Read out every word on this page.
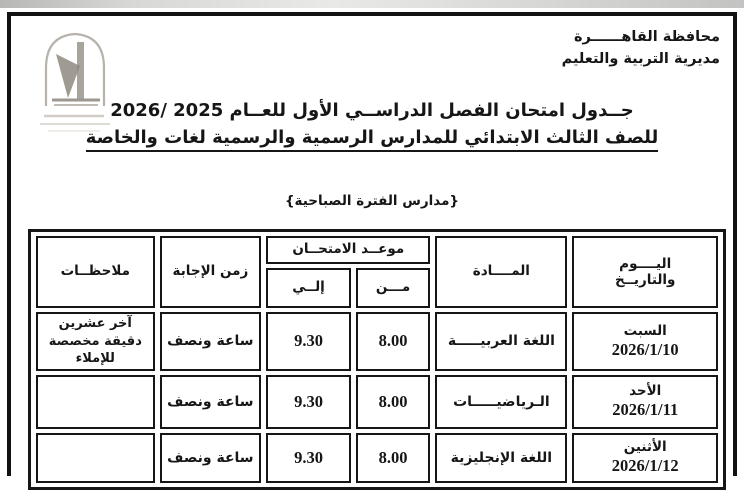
محافظة القاهــــــرة
مديرية التربية والتعليم
جــدول امتحان الفصل الدراســي الأول للعــام 2025 /2026
للصف الثالث الابتدائي للمدارس الرسمية والرسمية لغات والخاصة
{مدارس الفترة الصباحية}
اليــــوم
والتاريــخ	المــــادة	موعــد الامتحــان		زمن الإجابة	ملاحظــات
		مـــن	إلــي		

السبت
2026/1/10	اللغة العربيـــــة	8.00	9.30	ساعة ونصف	آخر عشرين دقيقة مخصصة للإملاء

الأحد
2026/1/11	الـرياضيـــــات	8.00	9.30	ساعة ونصف	

الأثنين
2026/1/12	اللغة الإنجليزية	8.00	9.30	ساعة ونصف	
